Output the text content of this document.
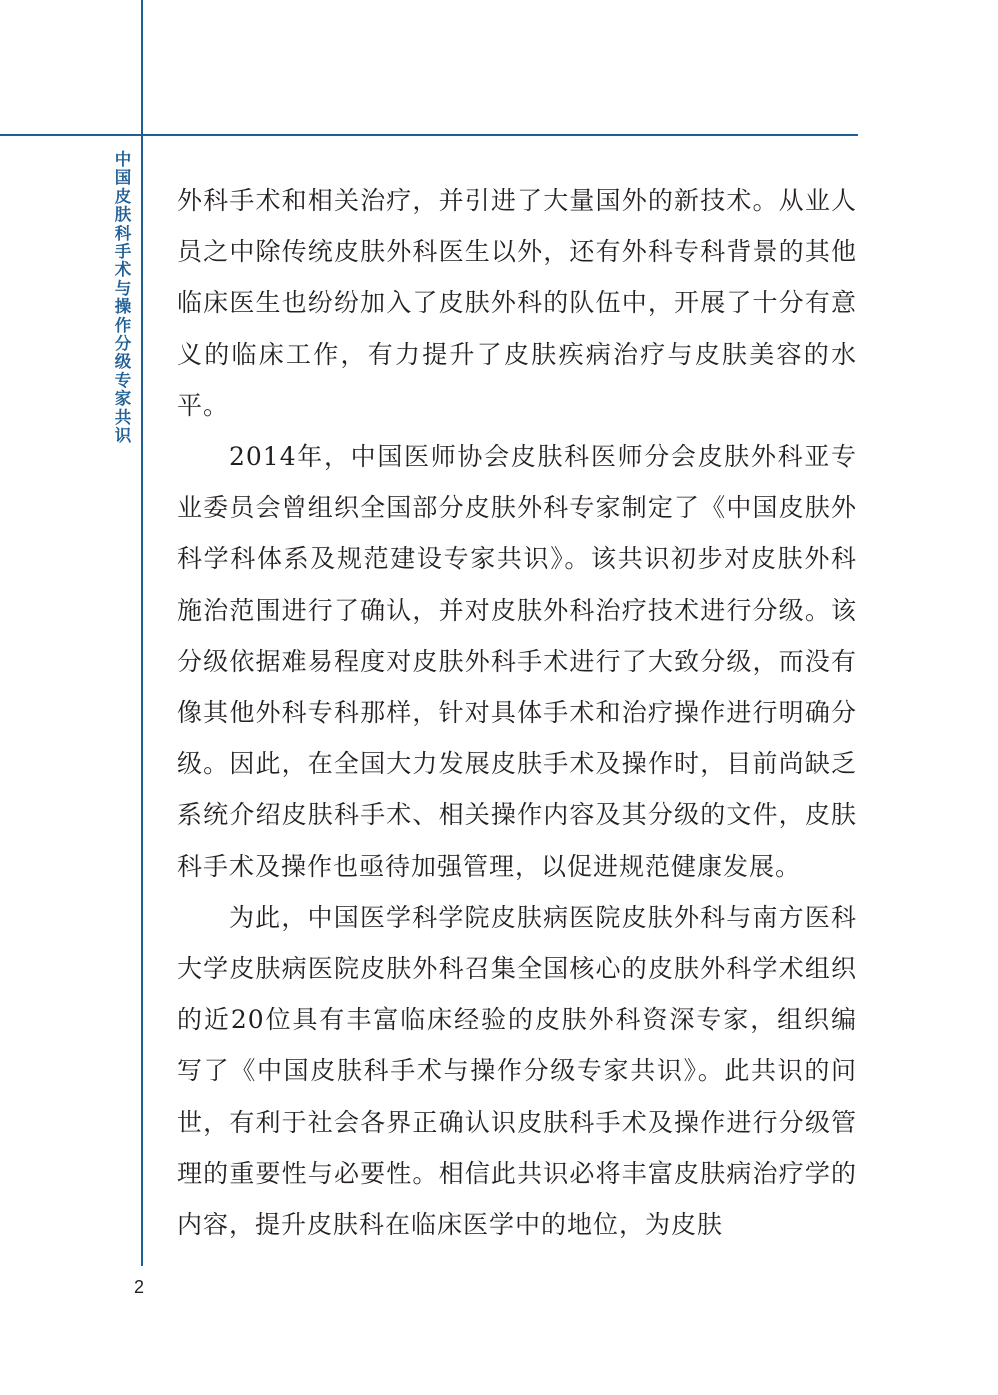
中国皮肤科手术与操作分级专家共识

外科手术和相关治疗，并引进了大量国外的新技术。从业人员之中除传统皮肤外科医生以外，还有外科专科背景的其他临床医生也纷纷加入了皮肤外科的队伍中，开展了十分有意义的临床工作，有力提升了皮肤疾病治疗与皮肤美容的水平。

2014年，中国医师协会皮肤科医师分会皮肤外科亚专业委员会曾组织全国部分皮肤外科专家制定了《中国皮肤外科学科体系及规范建设专家共识》。该共识初步对皮肤外科施治范围进行了确认，并对皮肤外科治疗技术进行分级。该分级依据难易程度对皮肤外科手术进行了大致分级，而没有像其他外科专科那样，针对具体手术和治疗操作进行明确分级。因此，在全国大力发展皮肤手术及操作时，目前尚缺乏系统介绍皮肤科手术、相关操作内容及其分级的文件，皮肤科手术及操作也亟待加强管理，以促进规范健康发展。

为此，中国医学科学院皮肤病医院皮肤外科与南方医科大学皮肤病医院皮肤外科召集全国核心的皮肤外科学术组织的近20位具有丰富临床经验的皮肤外科资深专家，组织编写了《中国皮肤科手术与操作分级专家共识》。此共识的问世，有利于社会各界正确认识皮肤科手术及操作进行分级管理的重要性与必要性。相信此共识必将丰富皮肤病治疗学的内容，提升皮肤科在临床医学中的地位，为皮肤

2
